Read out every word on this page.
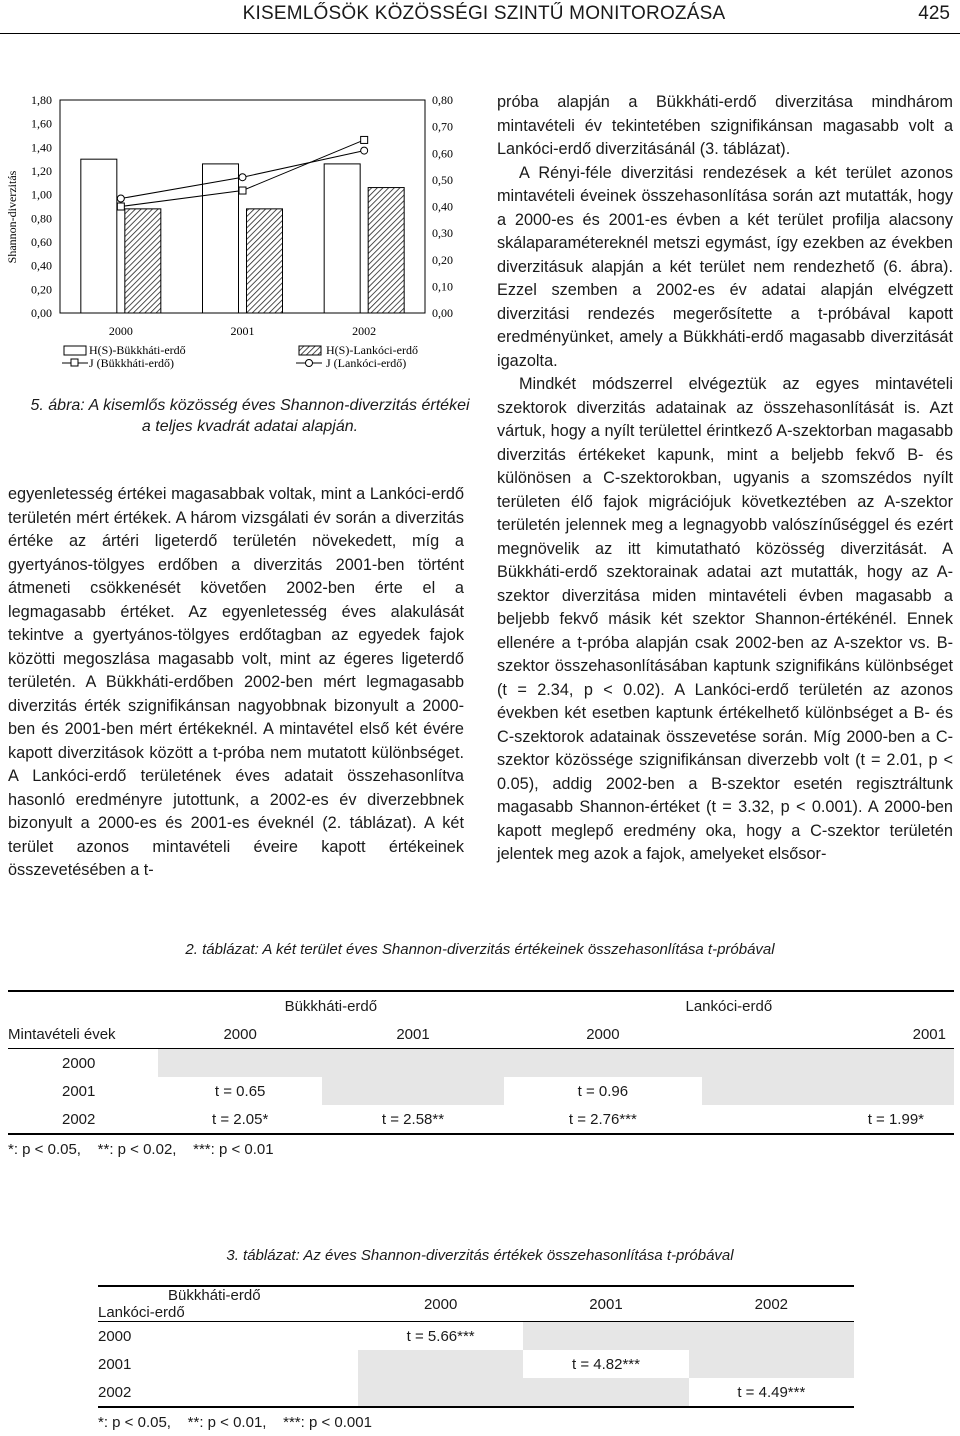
KISEMLŐSÖK KÖZÖSSÉGI SZINTŰ MONITOROZÁSA	425
Shannon-diverzitás
1,80
1,60
1,40
1,20
1,00
0,80
0,60
0,40
0,20
0,00
0,80
0,70
0,60
0,50
0,40
0,30
0,20
0,10
0,00
2000	2001	2002
H(S)-Bükkháti-erdő	H(S)-Lankóci-erdő
J (Bükkháti-erdő)	J (Lankóci-erdő)
5. ábra: A kisemlős közösség éves Shannon-diverzitás értékei a teljes kvadrát adatai alapján.

egyenletesség értékei magasabbak voltak, mint a Lankóci-erdő területén mért értékek. A három vizsgálati év során a diverzitás értéke az ártéri ligeterdő területén növekedett, míg a gyertyános-tölgyes erdőben a diverzitás 2001-ben történt átmeneti csökkenését követően 2002-ben érte el a legmagasabb értéket. Az egyenletesség éves alakulását tekintve a gyertyános-tölgyes erdőtagban az egyedek fajok közötti megoszlása magasabb volt, mint az égeres ligeterdő területén. A Bükkháti-erdőben 2002-ben mért legmagasabb diverzitás érték szignifikánsan nagyobbnak bizonyult a 2000-ben és 2001-ben mért értékeknél. A mintavétel első két évére kapott diverzitások között a t-próba nem mutatott különbséget. A Lankóci-erdő területének éves adatait összehasonlítva hasonló eredményre jutottunk, a 2002-es év diverzebbnek bizonyult a 2000-es és 2001-es éveknél (2. táblázat). A két terület azonos mintavételi éveire kapott értékeinek összevetésében a t-

próba alapján a Bükkháti-erdő diverzitása mindhárom mintavételi év tekintetében szignifikánsan magasabb volt a Lankóci-erdő diverzitásánál (3. táblázat).

A Rényi-féle diverzitási rendezések a két terület azonos mintavételi éveinek összehasonlítása során azt mutatták, hogy a 2000-es és 2001-es évben a két terület profilja alacsony skálaparamétereknél metszi egymást, így ezekben az években diverzitásuk alapján a két terület nem rendezhető (6. ábra). Ezzel szemben a 2002-es év adatai alapján elvégzett diverzitási rendezés megerősítette a t-próbával kapott eredményünket, amely a Bükkháti-erdő magasabb diverzitását igazolta.

Mindkét módszerrel elvégeztük az egyes mintavételi szektorok diverzitás adatainak az összehasonlítását is. Azt vártuk, hogy a nyílt területtel érintkező A-szektorban magasabb diverzitás értékeket kapunk, mint a beljebb fekvő B- és különösen a C-szektorokban, ugyanis a szomszédos nyílt területen élő fajok migrációjuk következtében az A-szektor területén jelennek meg a legnagyobb valószínűséggel és ezért megnövelik az itt kimutatható közösség diverzitását. A Bükkháti-erdő szektorainak adatai azt mutatták, hogy az A-szektor diverzitása miden mintavételi évben magasabb a beljebb fekvő másik két szektor Shannon-értékénél. Ennek ellenére a t-próba alapján csak 2002-ben az A-szektor vs. B-szektor összehasonlításában kaptunk szignifikáns különbséget (t = 2.34, p < 0.02). A Lankóci-erdő területén az azonos években két esetben kaptunk értékelhető különbséget a B- és C-szektorok adatainak összevetése során. Míg 2000-ben a C-szektor közössége szignifikánsan diverzebb volt (t = 2.01, p < 0.05), addig 2002-ben a B-szektor esetén regisztráltunk magasabb Shannon-értéket (t = 3.32, p < 0.001). A 2000-ben kapott meglepő eredmény oka, hogy a C-szektor területén jelentek meg azok a fajok, amelyeket elsősor-

2. táblázat: A két terület éves Shannon-diverzitás értékeinek összehasonlítása t-próbával
	Bükkháti-erdő		Lankóci-erdő	
Mintavételi évek	2000	2001	2000	2001
2000				
2001	t = 0.65		t = 0.96	
2002	t = 2.05*	t = 2.58**	t = 2.76***	t = 1.99*
*: p < 0.05,    **: p < 0.02,    ***: p < 0.01				
3. táblázat: Az éves Shannon-diverzitás értékek összehasonlítása t-próbával
Bükkháti-erdő
Lankóci-erdő	2000	2001	2002
2000	t = 5.66***		
2001		t = 4.82***	
2002			t = 4.49***
*: p < 0.05,    **: p < 0.01,    ***: p < 0.001			
